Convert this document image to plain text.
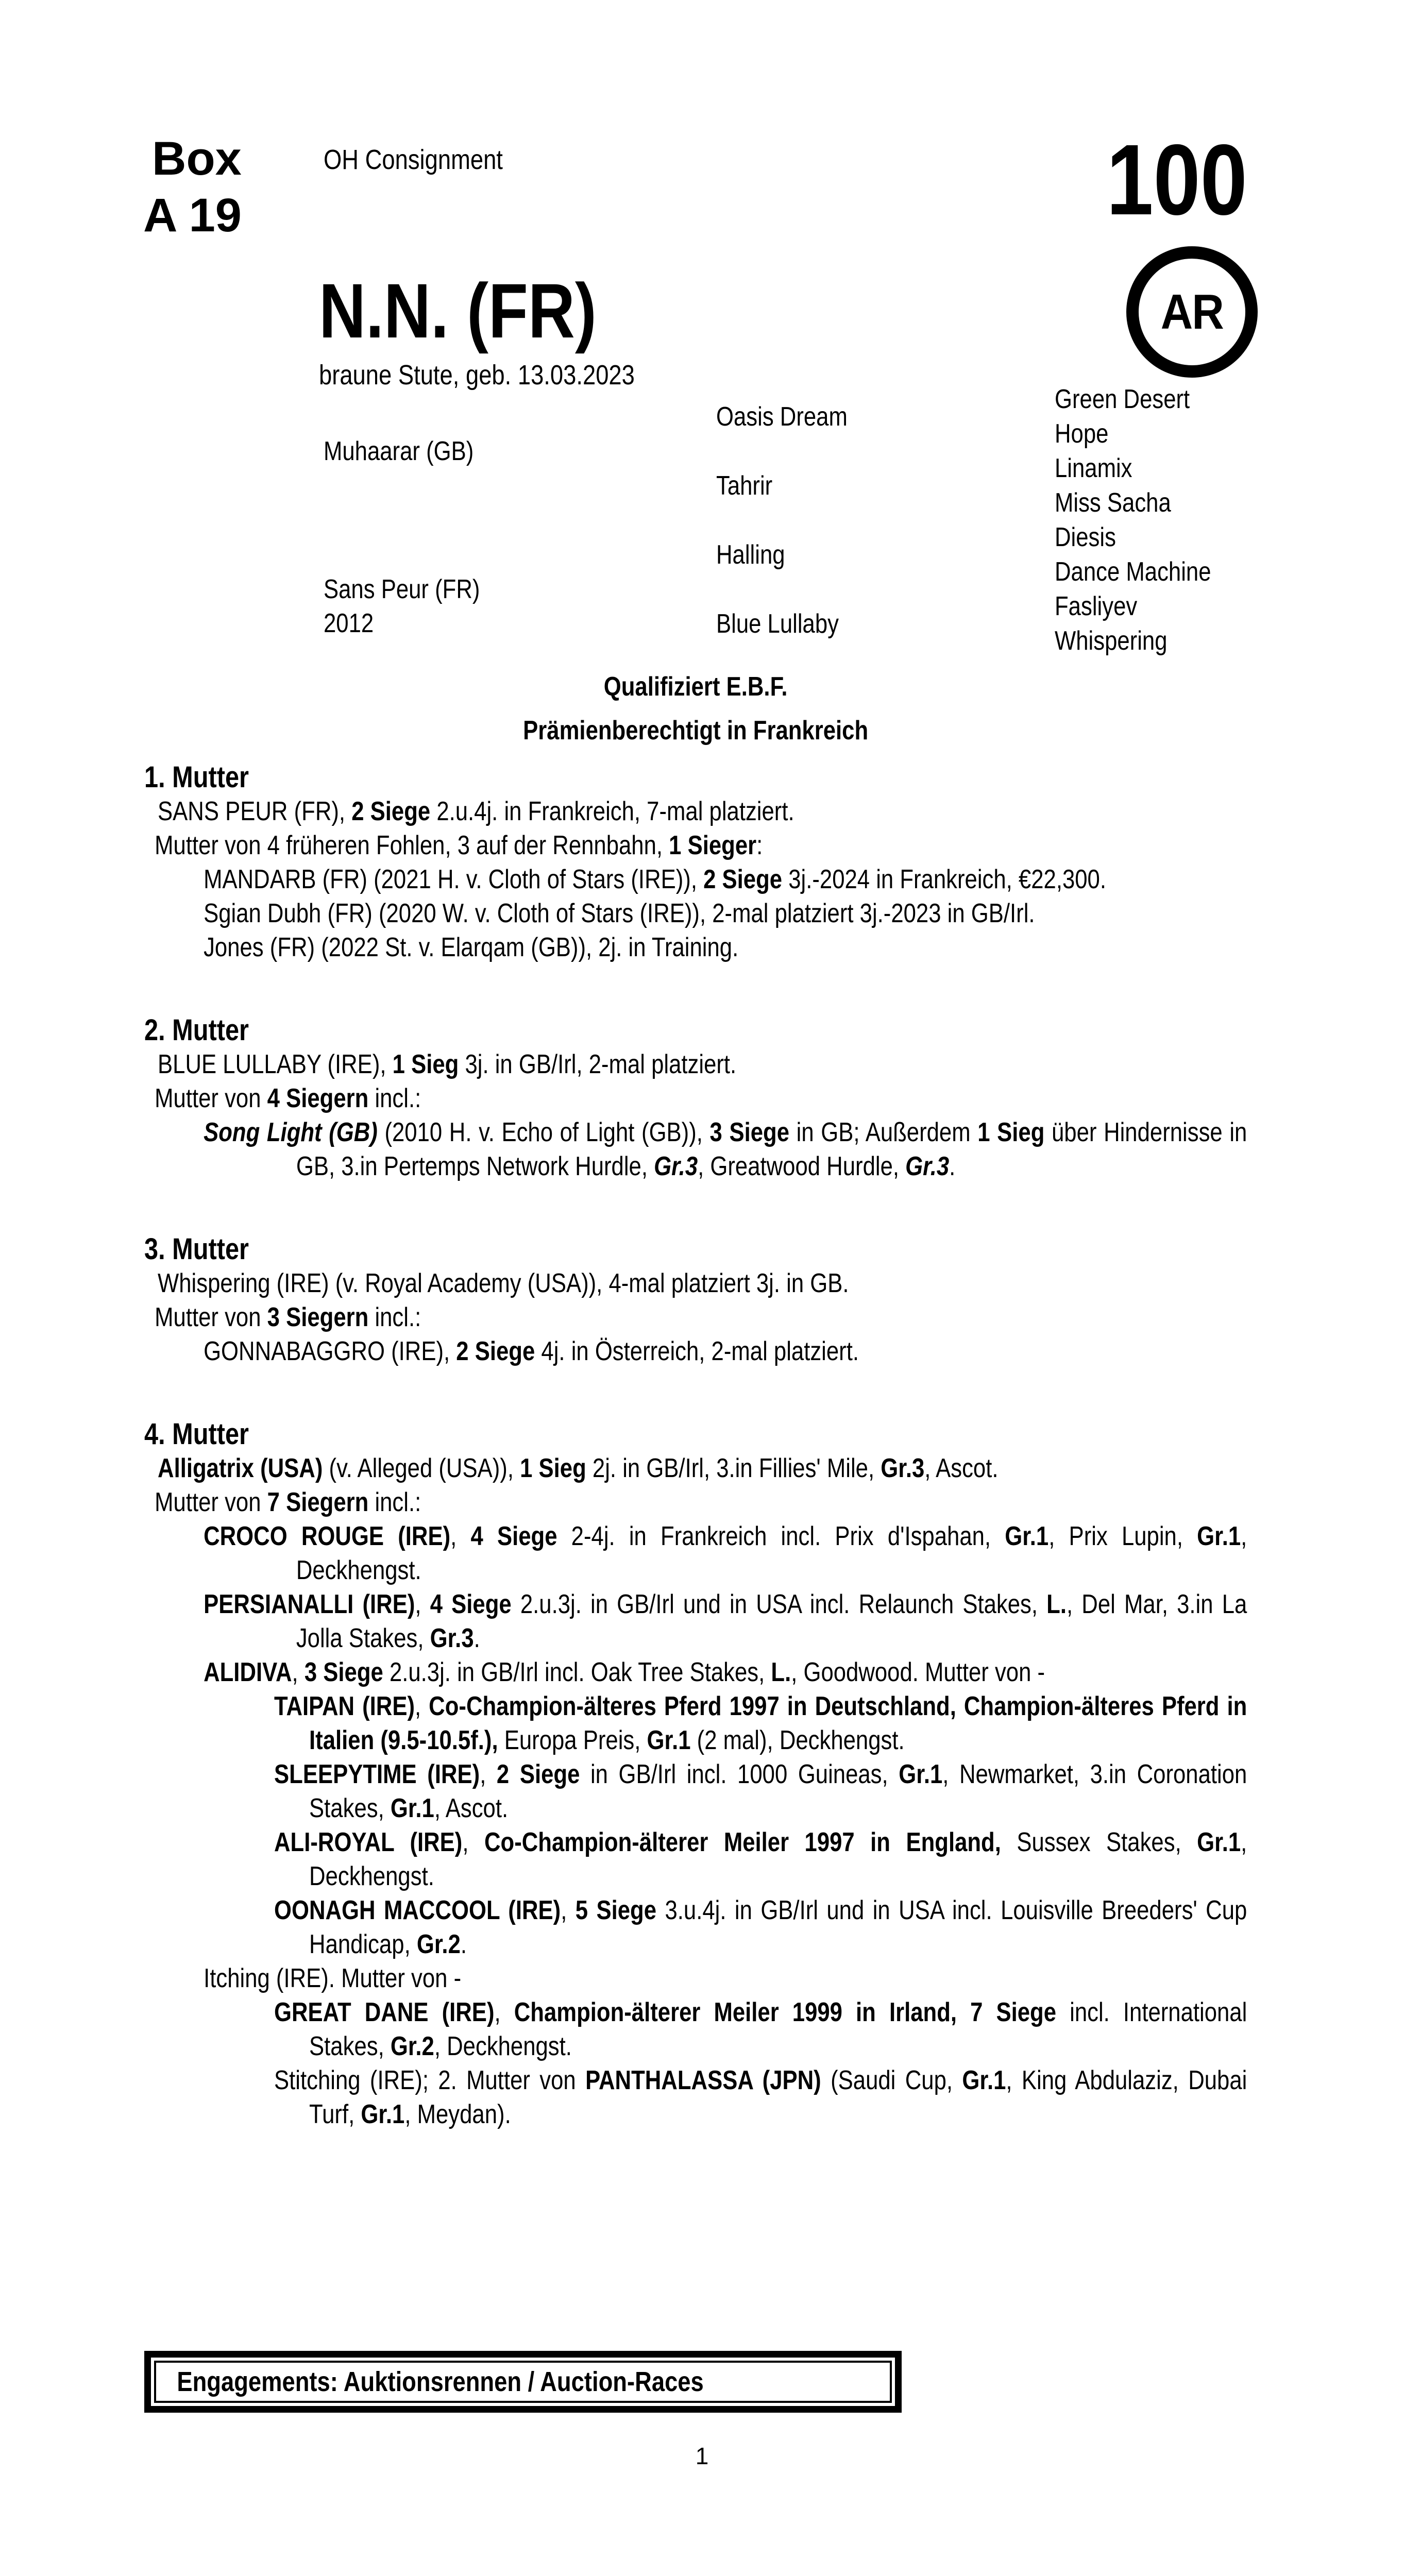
Box
A 19
OH Consignment	100
AR
N.N. (FR)
braune Stute, geb. 13.03.2023
Muhaarar (GB)
Sans Peur (FR)
2012
Oasis Dream
Tahrir
Halling
Blue Lullaby
Green Desert
Hope
Linamix
Miss Sacha
Diesis
Dance Machine
Fasliyev
Whispering
Qualifiziert E.B.F.
Prämienberechtigt in Frankreich
1. Mutter
SANS PEUR (FR), 2 Siege 2.u.4j. in Frankreich, 7-mal platziert.
Mutter von 4 früheren Fohlen, 3 auf der Rennbahn, 1 Sieger:
MANDARB (FR) (2021 H. v. Cloth of Stars (IRE)), 2 Siege 3j.-2024 in Frankreich, €22,300.
Sgian Dubh (FR) (2020 W. v. Cloth of Stars (IRE)), 2-mal platziert 3j.-2023 in GB/Irl.
Jones (FR) (2022 St. v. Elarqam (GB)), 2j. in Training.
2. Mutter
BLUE LULLABY (IRE), 1 Sieg 3j. in GB/Irl, 2-mal platziert.
Mutter von 4 Siegern incl.:
Song Light (GB) (2010 H. v. Echo of Light (GB)), 3 Siege in GB; Außerdem 1 Sieg über Hindernisse in GB, 3.in Pertemps Network Hurdle, Gr.3, Greatwood Hurdle, Gr.3.
3. Mutter
Whispering (IRE) (v. Royal Academy (USA)), 4-mal platziert 3j. in GB.
Mutter von 3 Siegern incl.:
GONNABAGGRO (IRE), 2 Siege 4j. in Österreich, 2-mal platziert.
4. Mutter
Alligatrix (USA) (v. Alleged (USA)), 1 Sieg 2j. in GB/Irl, 3.in Fillies' Mile, Gr.3, Ascot.
Mutter von 7 Siegern incl.:
CROCO ROUGE (IRE), 4 Siege 2-4j. in Frankreich incl. Prix d'Ispahan, Gr.1, Prix Lupin, Gr.1, Deckhengst.
PERSIANALLI (IRE), 4 Siege 2.u.3j. in GB/Irl und in USA incl. Relaunch Stakes, L., Del Mar, 3.in La Jolla Stakes, Gr.3.
ALIDIVA, 3 Siege 2.u.3j. in GB/Irl incl. Oak Tree Stakes, L., Goodwood. Mutter von -
TAIPAN (IRE), Co-Champion-älteres Pferd 1997 in Deutschland, Champion-älteres Pferd in Italien (9.5-10.5f.), Europa Preis, Gr.1 (2 mal), Deckhengst.
SLEEPYTIME (IRE), 2 Siege in GB/Irl incl. 1000 Guineas, Gr.1, Newmarket, 3.in Coronation Stakes, Gr.1, Ascot.
ALI-ROYAL (IRE), Co-Champion-älterer Meiler 1997 in England, Sussex Stakes, Gr.1, Deckhengst.
OONAGH MACCOOL (IRE), 5 Siege 3.u.4j. in GB/Irl und in USA incl. Louisville Breeders' Cup Handicap, Gr.2.
Itching (IRE). Mutter von -
GREAT DANE (IRE), Champion-älterer Meiler 1999 in Irland, 7 Siege incl. International Stakes, Gr.2, Deckhengst.
Stitching (IRE); 2. Mutter von PANTHALASSA (JPN) (Saudi Cup, Gr.1, King Abdulaziz, Dubai Turf, Gr.1, Meydan).
Engagements: Auktionsrennen / Auction-Races
1
